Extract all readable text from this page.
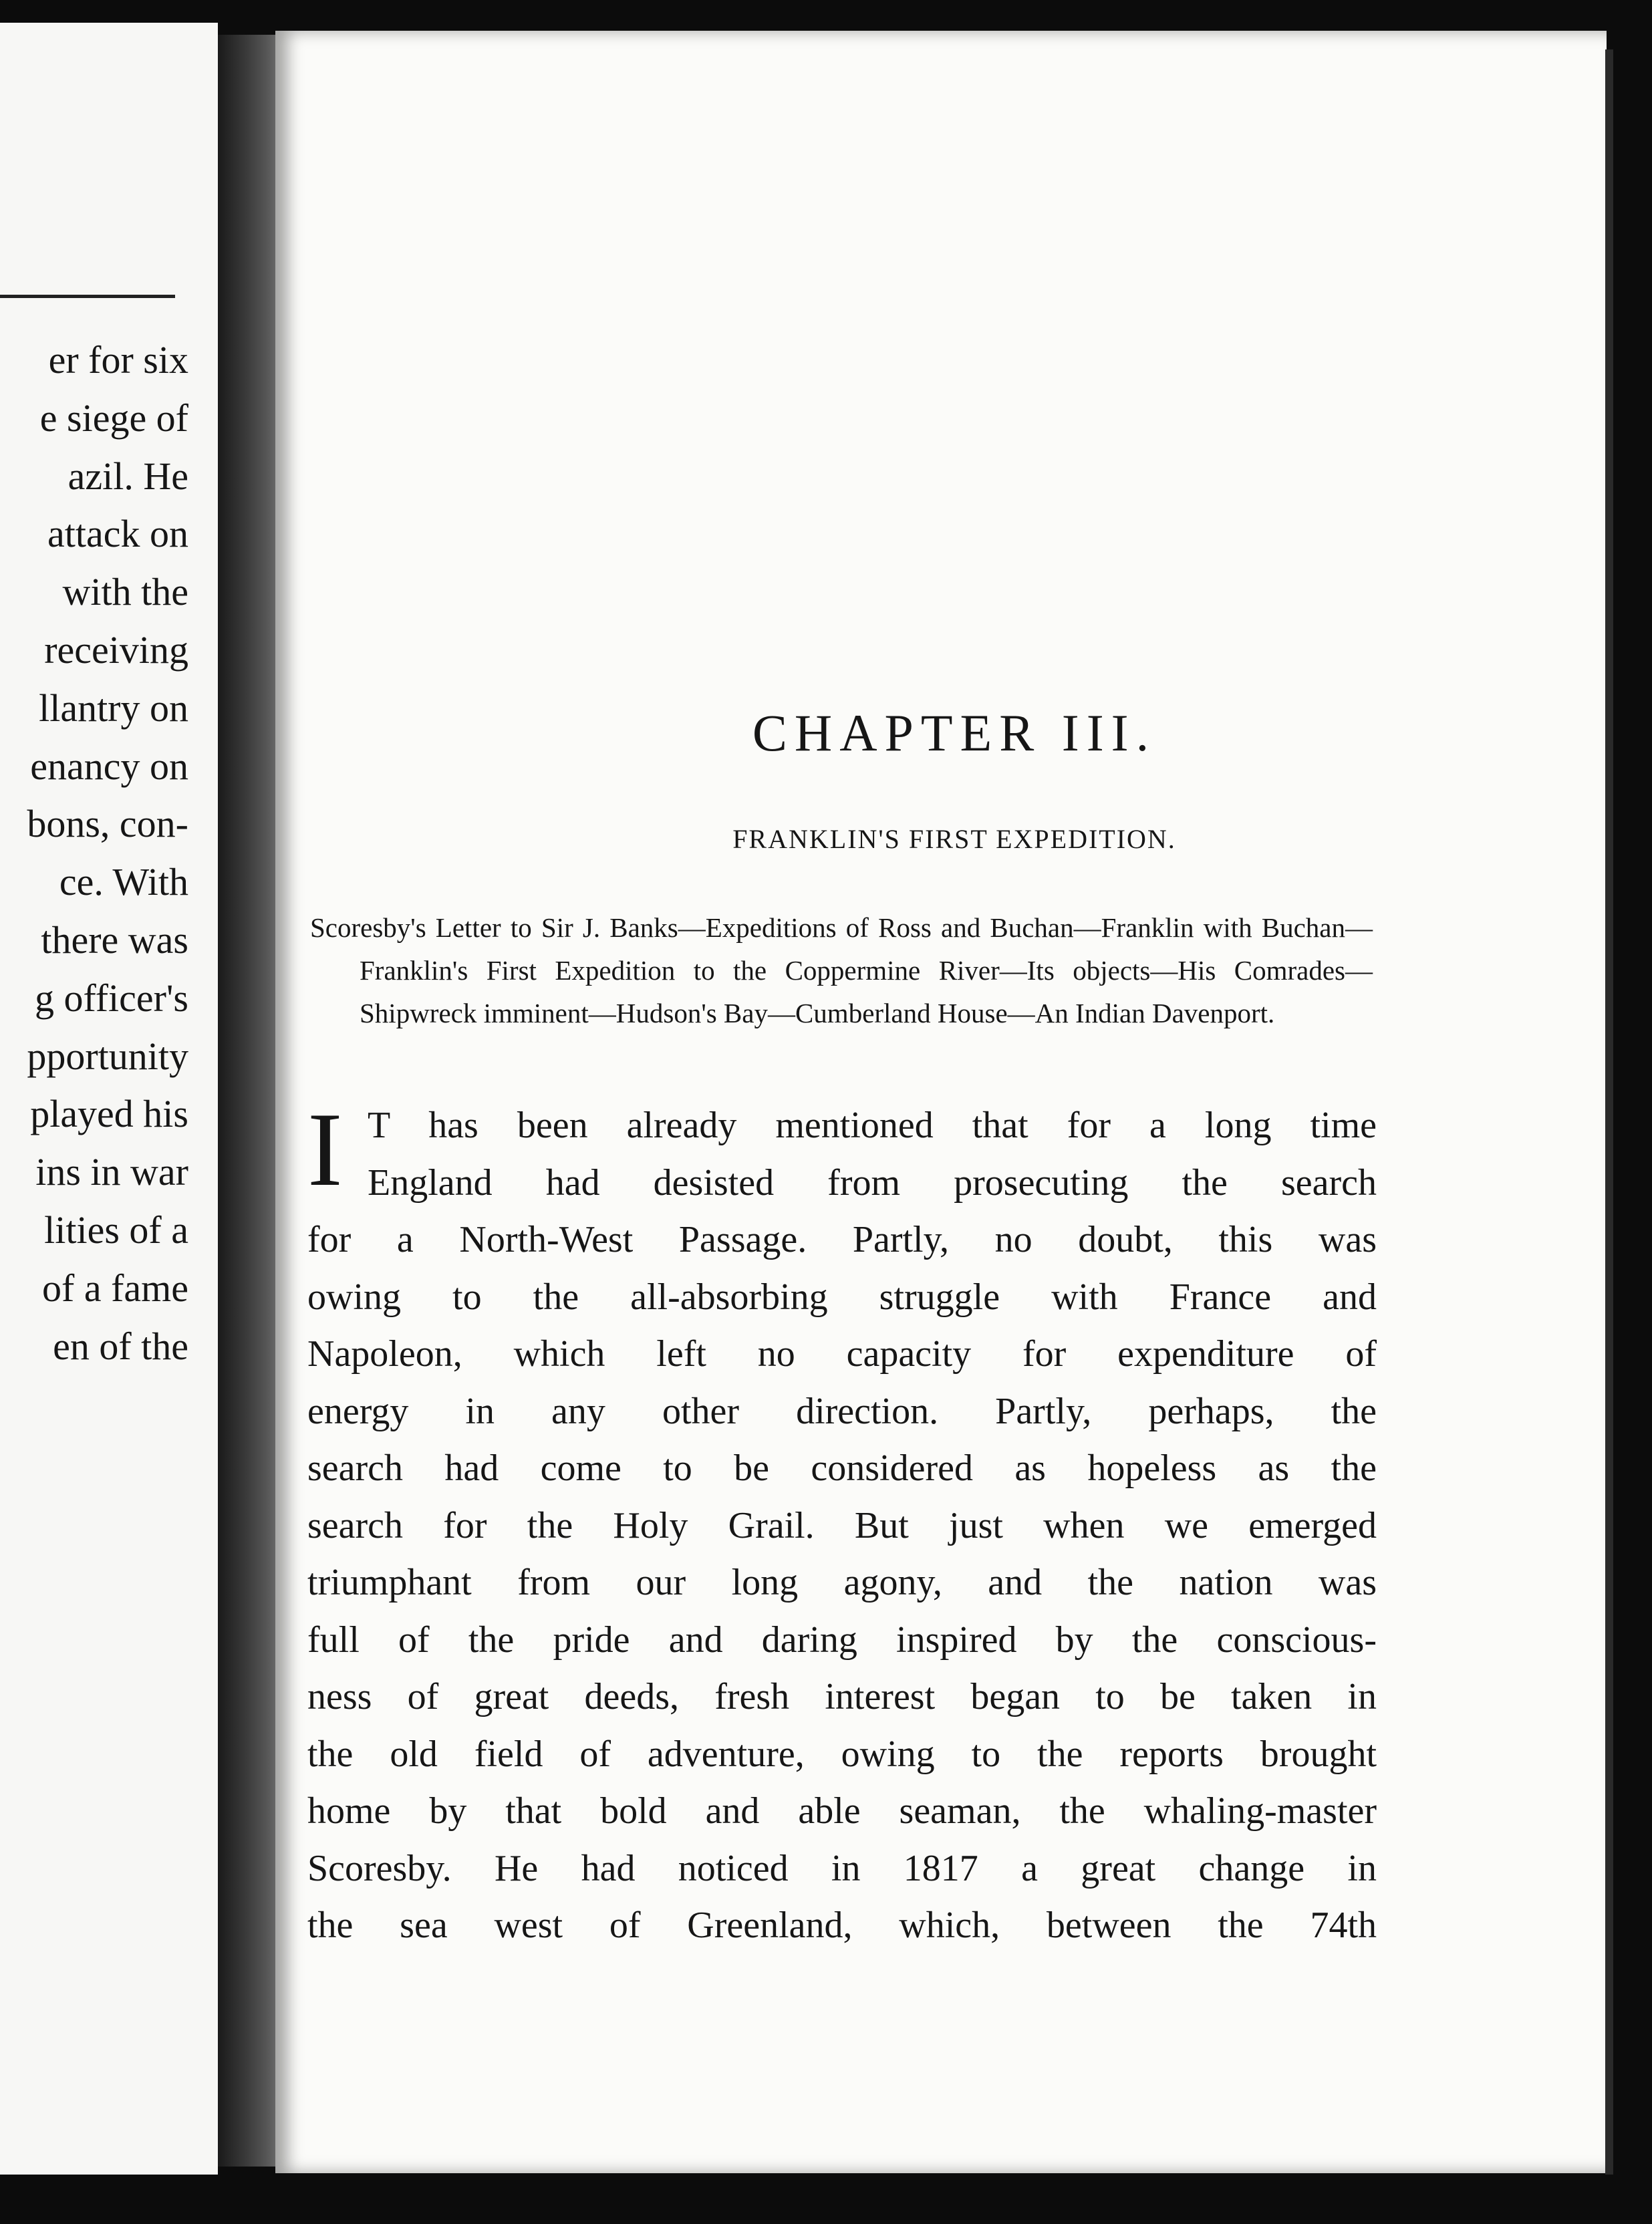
er for six
e siege of
azil. He
attack on
with the
receiving
llantry on
enancy on
bons, con-
ce. With
there was
g officer's
pportunity
played his
ins in war
lities of a
of a fame
en of the
CHAPTER III.
FRANKLIN'S FIRST EXPEDITION.
Scoresby's Letter to Sir J. Banks—Expeditions of Ross and Buchan—Franklin with Buchan—Franklin's First Expedition to the Coppermine River—Its objects—His Comrades—Shipwreck imminent—Hudson's Bay—Cumberland House—An Indian Davenport.
I T has been already mentioned that for a long time
England had desisted from prosecuting the search
for a North-West Passage. Partly, no doubt, this was
owing to the all-absorbing struggle with France and
Napoleon, which left no capacity for expenditure of
energy in any other direction. Partly, perhaps, the
search had come to be considered as hopeless as the
search for the Holy Grail. But just when we emerged
triumphant from our long agony, and the nation was
full of the pride and daring inspired by the conscious-
ness of great deeds, fresh interest began to be taken in
the old field of adventure, owing to the reports brought
home by that bold and able seaman, the whaling-master
Scoresby. He had noticed in 1817 a great change in
the sea west of Greenland, which, between the 74th
